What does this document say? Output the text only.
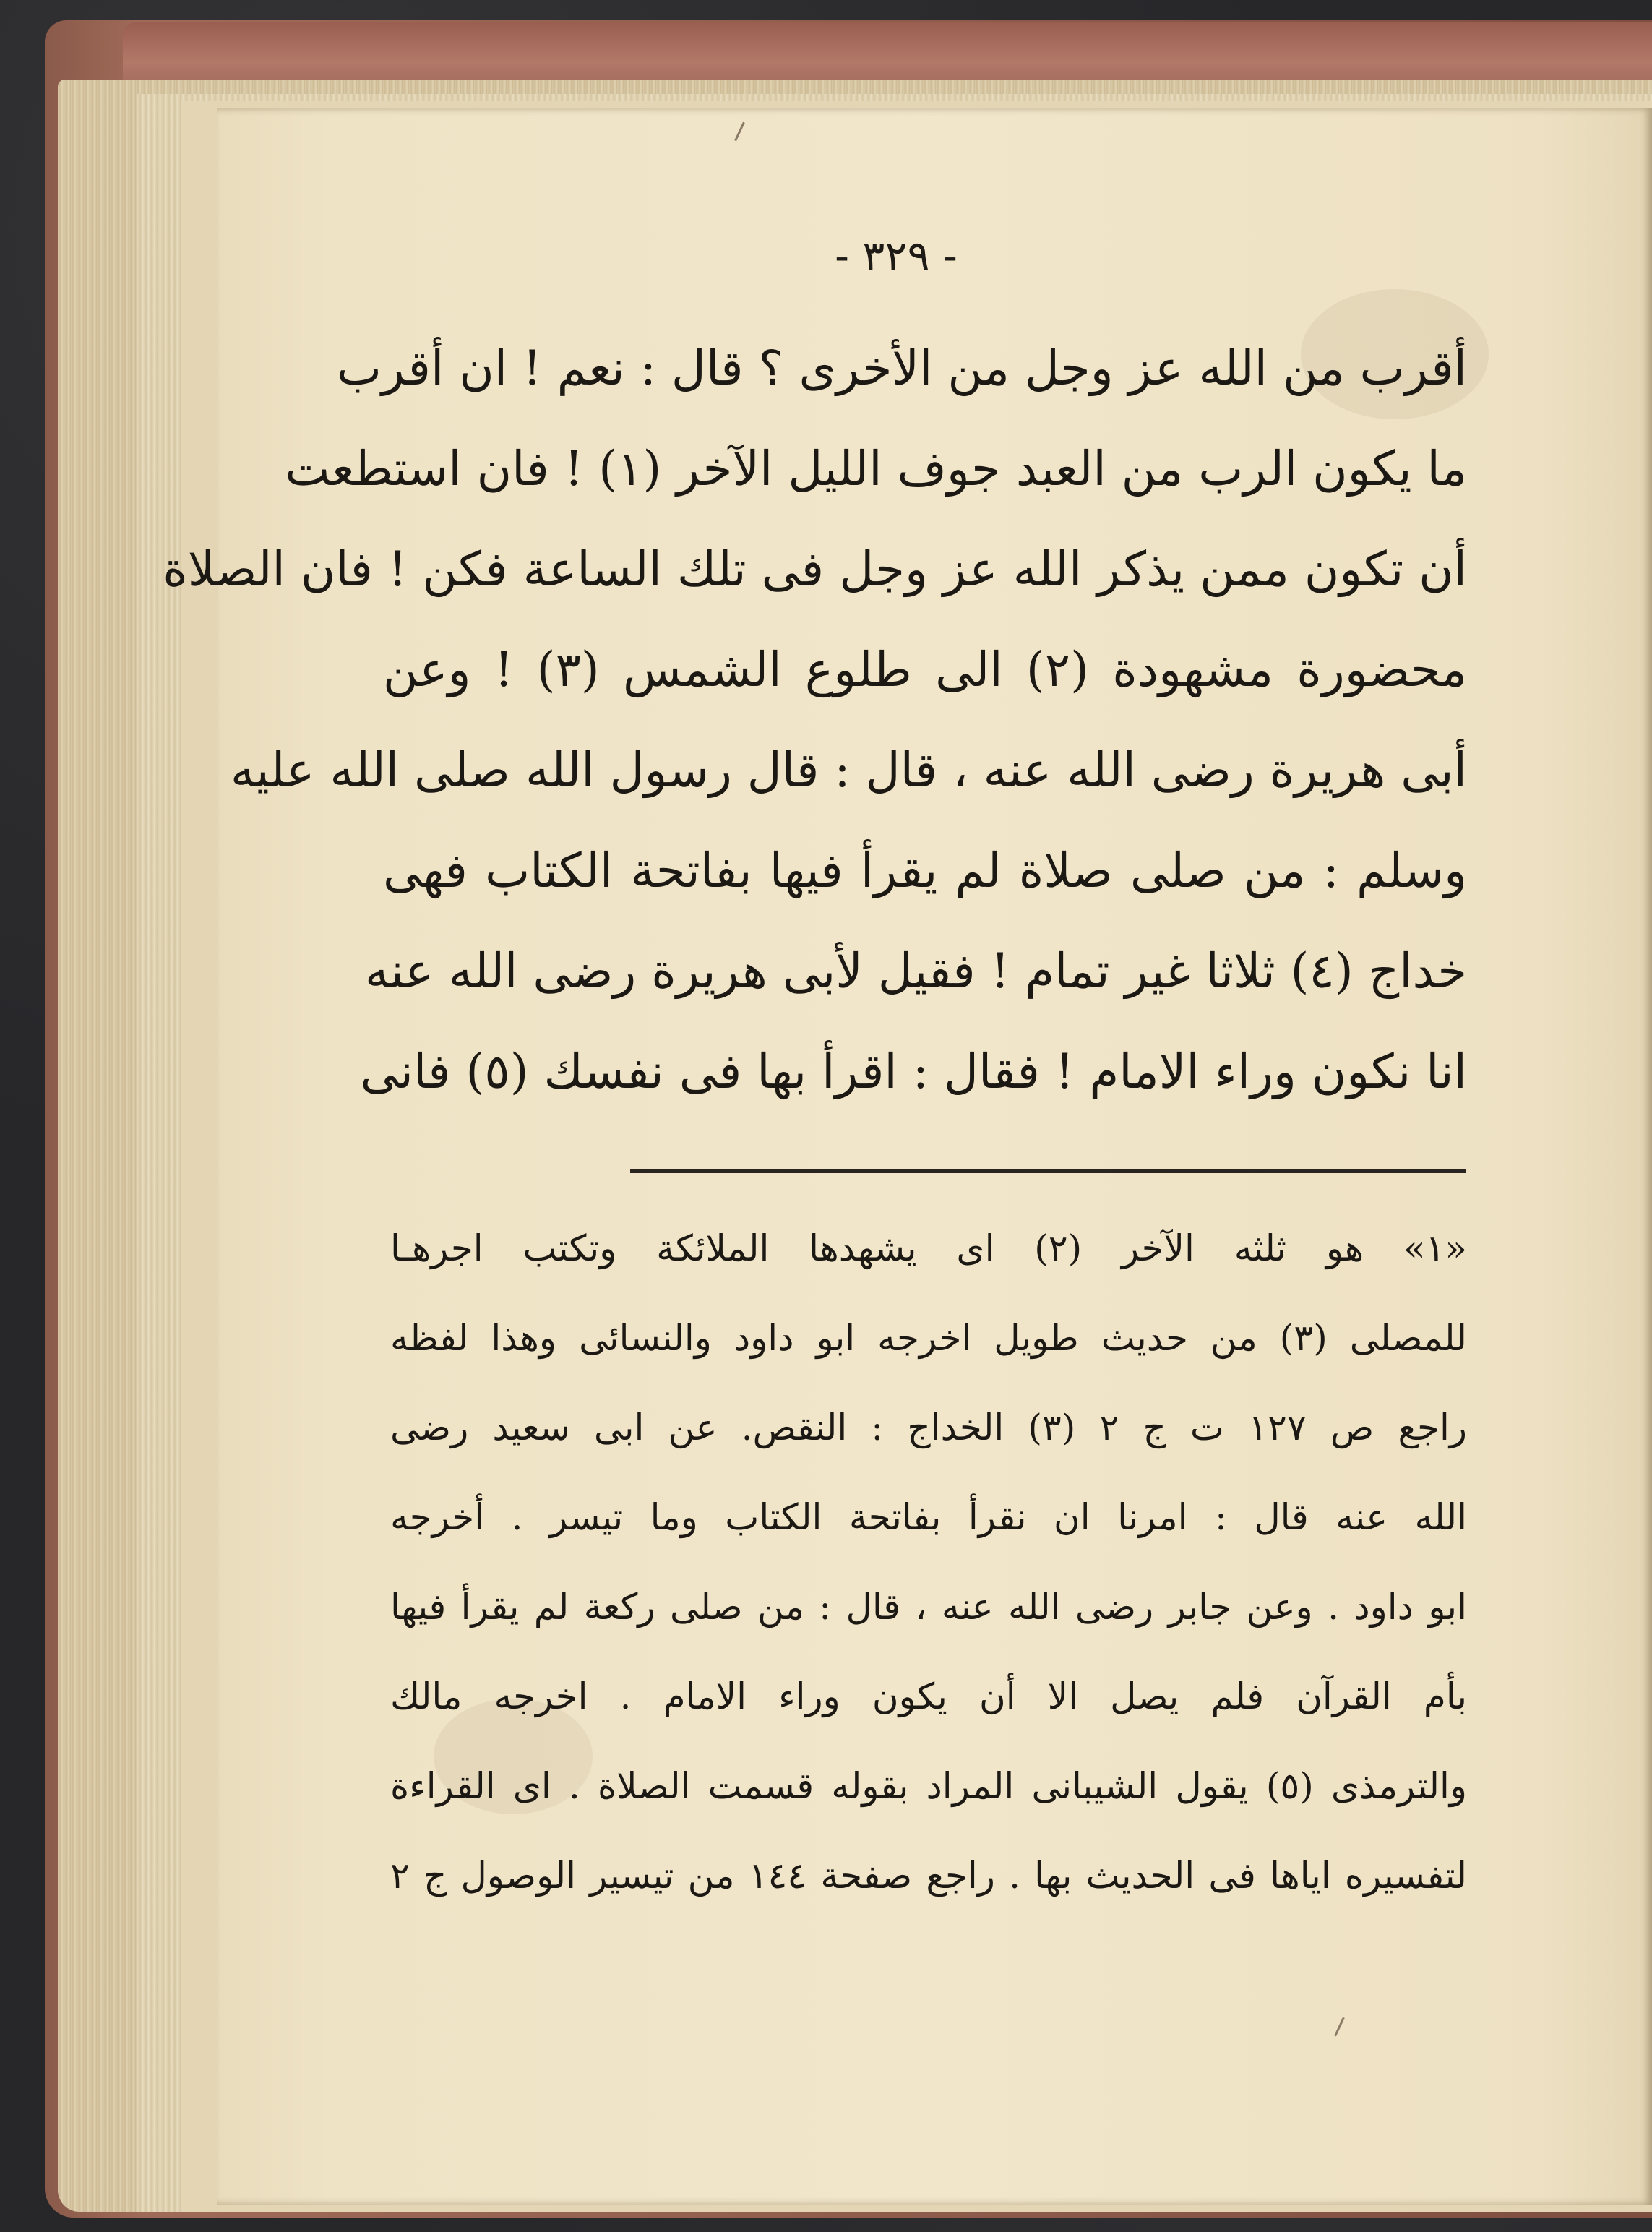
- ٣٢٩ -
أقرب من الله عز وجل من الأخرى ؟ قال : نعم ! ان أقرب
ما يكون الرب من العبد جوف الليل الآخر (١) ! فان استطعت
أن تكون ممن يذكر الله عز وجل فى تلك الساعة فكن ! فان الصلاة
محضورة مشهودة (٢) الى طلوع الشمس (٣) ! وعن
أبى هريرة رضى الله عنه ، قال : قال رسول الله صلى الله عليه
وسلم : من صلى صلاة لم يقرأ فيها بفاتحة الكتاب فهى
خداج (٤) ثلاثا غير تمام ! فقيل لأبى هريرة رضى الله عنه
انا نكون وراء الامام ! فقال : اقرأ بها فى نفسك (٥) فانى
«١» هو ثلثه الآخر (٢) اى يشهدها الملائكة وتكتب اجرهـا
للمصلى (٣) من حديث طويل اخرجه ابو داود والنسائى وهذا لفظه
راجع ص ١٢٧ ت ج ٢ (٣) الخداج : النقص. عن ابى سعيد رضى
الله عنه قال : امرنا ان نقرأ بفاتحة الكتاب وما تيسر . أخرجه
ابو داود . وعن جابر رضى الله عنه ، قال : من صلى ركعة لم يقرأ فيها
بأم القرآن فلم يصل الا أن يكون وراء الامام . اخرجه مالك
والترمذى (٥) يقول الشيبانى المراد بقوله قسمت الصلاة . اى القراءة
لتفسيره اياها فى الحديث بها . راجع صفحة ١٤٤ من تيسير الوصول ج ٢
